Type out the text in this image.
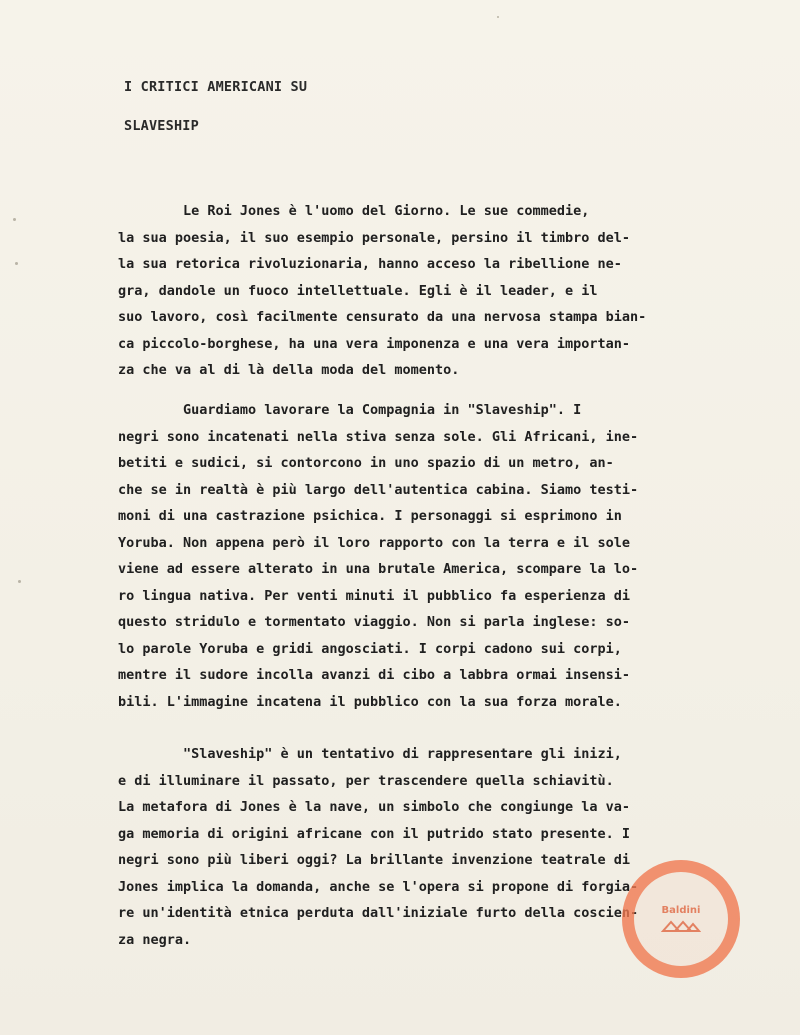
I CRITICI AMERICANI SU
SLAVESHIP
Le Roi Jones è l'uomo del Giorno. Le sue commedie,
la sua poesia, il suo esempio personale, persino il timbro del-
la sua retorica rivoluzionaria, hanno acceso la ribellione ne-
gra, dandole un fuoco intellettuale. Egli è il leader, e il
suo lavoro, così facilmente censurato da una nervosa stampa bian-
ca piccolo-borghese, ha una vera imponenza e una vera importan-
za che va al di là della moda del momento.
Guardiamo lavorare la Compagnia in "Slaveship". I
negri sono incatenati nella stiva senza sole. Gli Africani, ine-
betiti e sudici, si contorcono in uno spazio di un metro, an-
che se in realtà è più largo dell'autentica cabina. Siamo testi-
moni di una castrazione psichica. I personaggi si esprimono in
Yoruba. Non appena però il loro rapporto con la terra e il sole
viene ad essere alterato in una brutale America, scompare la lo-
ro lingua nativa. Per venti minuti il pubblico fa esperienza di
questo stridulo e tormentato viaggio. Non si parla inglese: so-
lo parole Yoruba e gridi angosciati. I corpi cadono sui corpi,
mentre il sudore incolla avanzi di cibo a labbra ormai insensi-
bili. L'immagine incatena il pubblico con la sua forza morale.
"Slaveship" è un tentativo di rappresentare gli inizi,
e di illuminare il passato, per trascendere quella schiavitù.
La metafora di Jones è la nave, un simbolo che congiunge la va-
ga memoria di origini africane con il putrido stato presente. I
negri sono più liberi oggi? La brillante invenzione teatrale di
Jones implica la domanda, anche se l'opera si propone di forgia-
re un'identità etnica perduta dall'iniziale furto della coscien-
za negra.
Baldini
